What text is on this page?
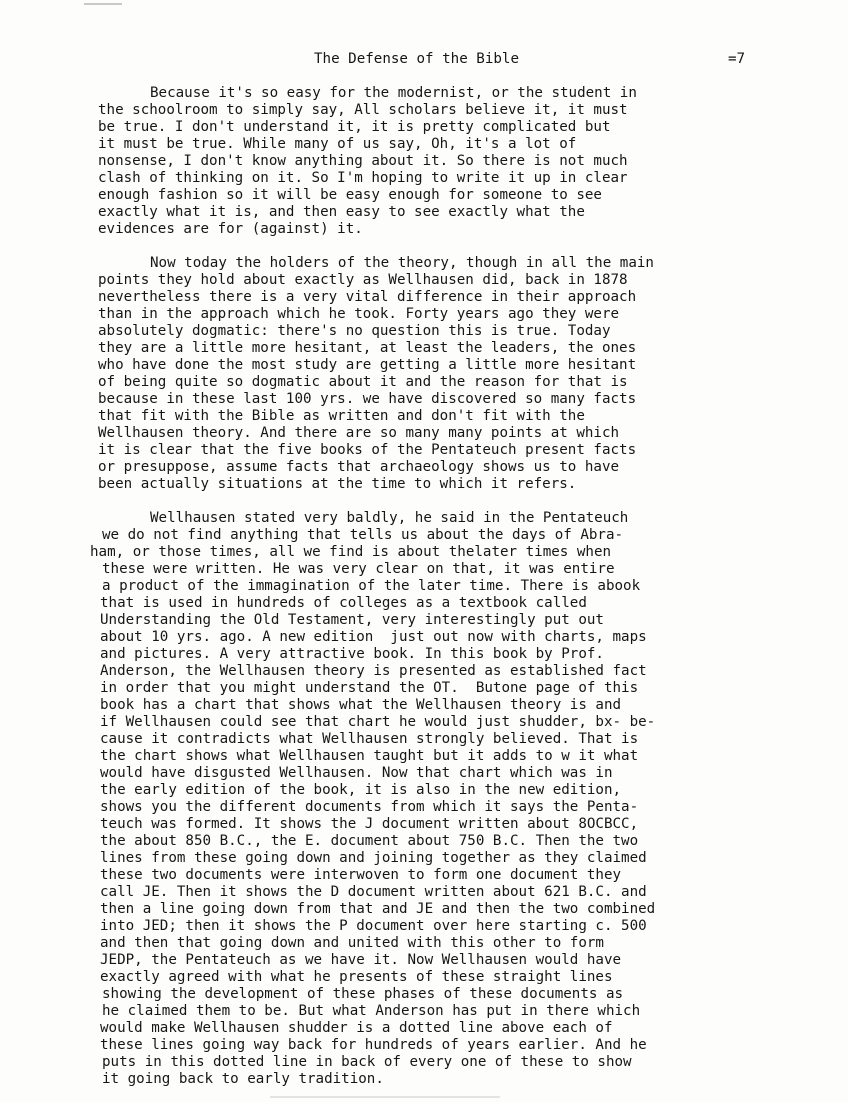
The Defense of the Bible	=7
Because it's so easy for the modernist, or the student in
the schoolroom to simply say, All scholars believe it, it must
be true. I don't understand it, it is pretty complicated but
it must be true. While many of us say, Oh, it's a lot of
nonsense, I don't know anything about it. So there is not much
clash of thinking on it. So I'm hoping to write it up in clear
enough fashion so it will be easy enough for someone to see
exactly what it is, and then easy to see exactly what the
evidences are for (against) it.
Now today the holders of the theory, though in all the main
points they hold about exactly as Wellhausen did, back in 1878
nevertheless there is a very vital difference in their approach
than in the approach which he took. Forty years ago they were
absolutely dogmatic: there's no question this is true. Today
they are a little more hesitant, at least the leaders, the ones
who have done the most study are getting a little more hesitant
of being quite so dogmatic about it and the reason for that is
because in these last 100 yrs. we have discovered so many facts
that fit with the Bible as written and don't fit with the
Wellhausen theory. And there are so many many points at which
it is clear that the five books of the Pentateuch present facts
or presuppose, assume facts that archaeology shows us to have
been actually situations at the time to which it refers.
Wellhausen stated very baldly, he said in the Pentateuch
we do not find anything that tells us about the days of Abra-
ham, or those times, all we find is about thelater times when
these were written. He was very clear on that, it was entire
a product of the immagination of the later time. There is abook
that is used in hundreds of colleges as a textbook called
Understanding the Old Testament, very interestingly put out
about 10 yrs. ago. A new edition  just out now with charts, maps
and pictures. A very attractive book. In this book by Prof.
Anderson, the Wellhausen theory is presented as established fact
in order that you might understand the OT.  Butone page of this
book has a chart that shows what the Wellhausen theory is and
if Wellhausen could see that chart he would just shudder, bx- be-
cause it contradicts what Wellhausen strongly believed. That is
the chart shows what Wellhausen taught but it adds to w it what
would have disgusted Wellhausen. Now that chart which was in
the early edition of the book, it is also in the new edition,
shows you the different documents from which it says the Penta-
teuch was formed. It shows the J document written about 8OCBCC,
the about 850 B.C., the E. document about 750 B.C. Then the two
lines from these going down and joining together as they claimed
these two documents were interwoven to form one document they
call JE. Then it shows the D document written about 621 B.C. and
then a line going down from that and JE and then the two combined
into JED; then it shows the P document over here starting c. 500
and then that going down and united with this other to form
JEDP, the Pentateuch as we have it. Now Wellhausen would have
exactly agreed with what he presents of these straight lines
showing the development of these phases of these documents as
he claimed them to be. But what Anderson has put in there which
would make Wellhausen shudder is a dotted line above each of
these lines going way back for hundreds of years earlier. And he
puts in this dotted line in back of every one of these to show
it going back to early tradition.
